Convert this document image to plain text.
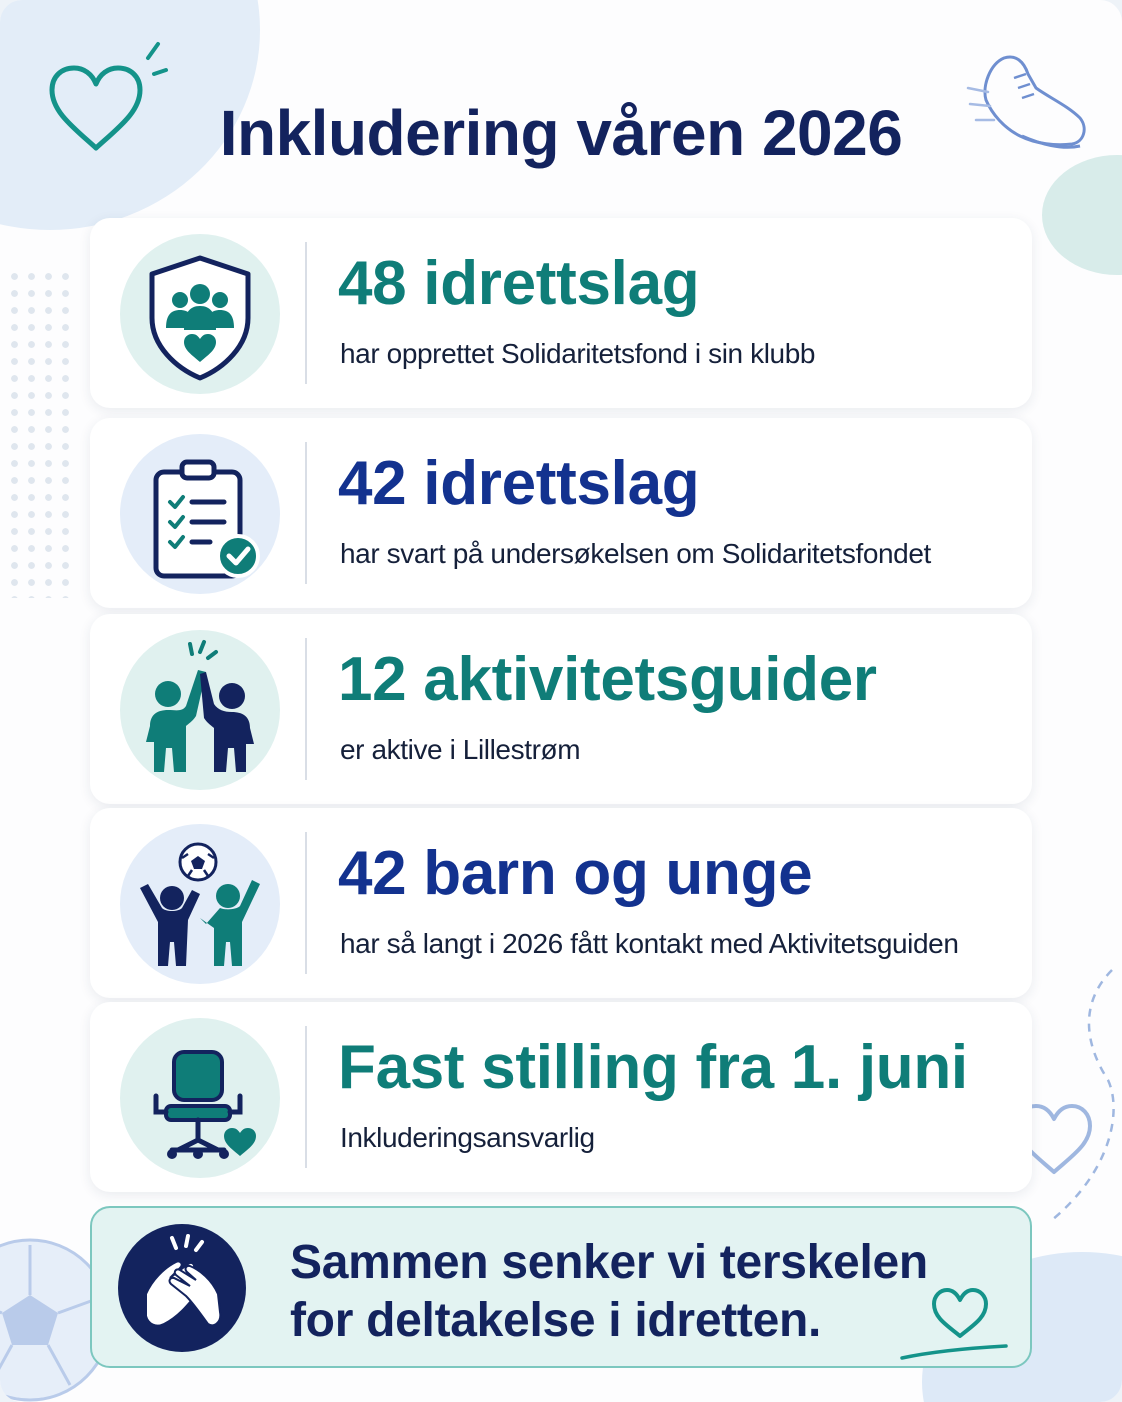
Inkludering våren 2026
48 idrettslag
har opprettet Solidaritetsfond i sin klubb
42 idrettslag
har svart på undersøkelsen om Solidaritetsfondet
12 aktivitetsguider
er aktive i Lillestrøm
42 barn og unge
har så langt i 2026 fått kontakt med Aktivitetsguiden
Fast stilling fra 1. juni
Inkluderingsansvarlig
Sammen senker vi terskelen
for deltakelse i idretten.
